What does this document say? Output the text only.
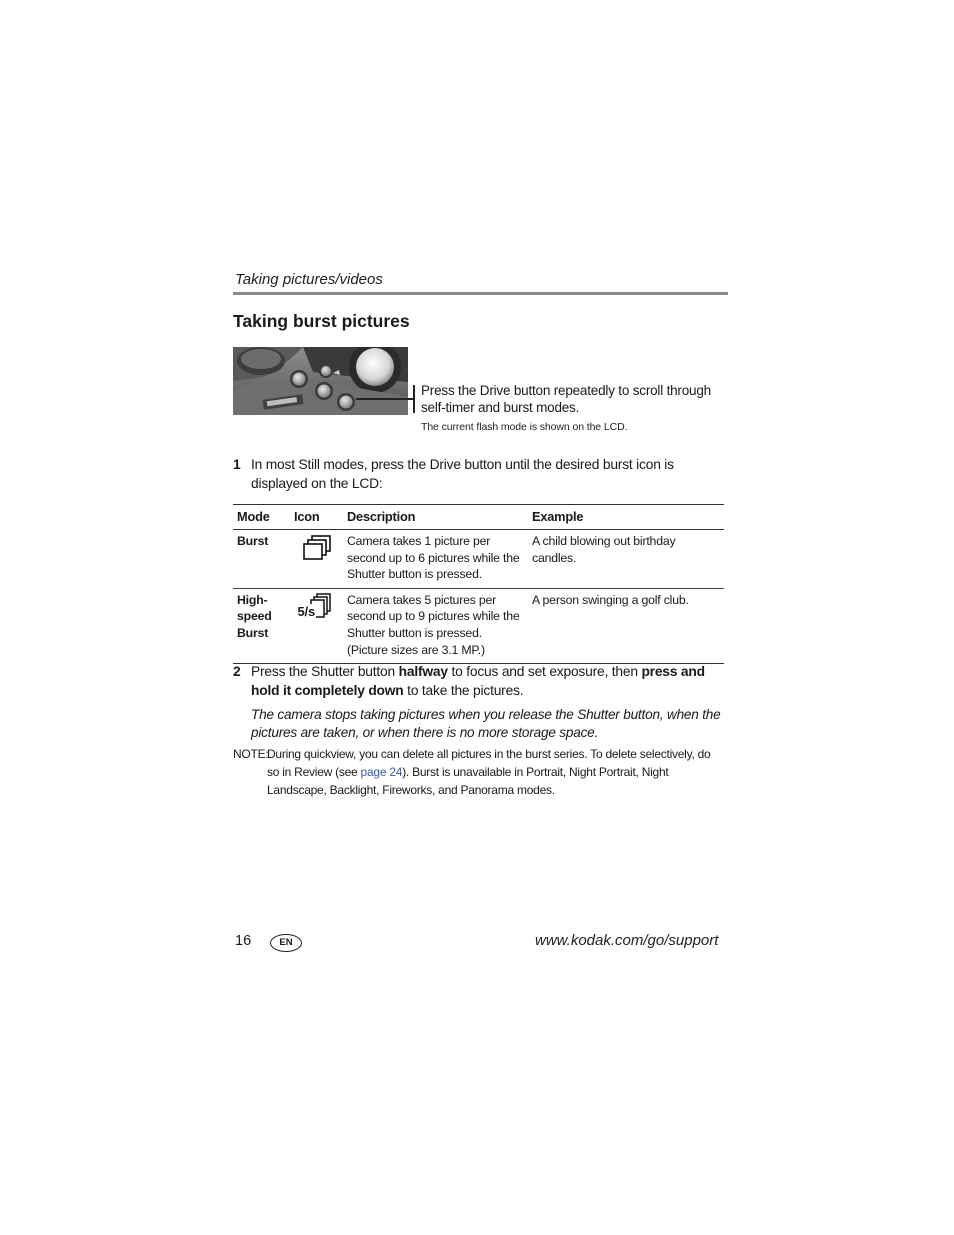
Taking pictures/videos
Taking burst pictures
Press the Drive button repeatedly to scroll through self-timer and burst modes.
The current flash mode is shown on the LCD.
1 In most Still modes, press the Drive button until the desired burst icon is displayed on the LCD:
Mode	Icon	Description	Example
Burst		Camera takes 1 picture per second up to 6 pictures while the Shutter button is pressed.	A child blowing out birthday candles.
High-
speed
Burst	5/s	Camera takes 5 pictures per second up to 9 pictures while the Shutter button is pressed. (Picture sizes are 3.1 MP.)	A person swinging a golf club.
2 Press the Shutter button halfway to focus and set exposure, then press and hold it completely down to take the pictures.
The camera stops taking pictures when you release the Shutter button, when the pictures are taken, or when there is no more storage space.
NOTE:
During quickview, you can delete all pictures in the burst series. To delete selectively, do so in Review (see page 24). Burst is unavailable in Portrait, Night Portrait, Night Landscape, Backlight, Fireworks, and Panorama modes.
16	EN	www.kodak.com/go/support
